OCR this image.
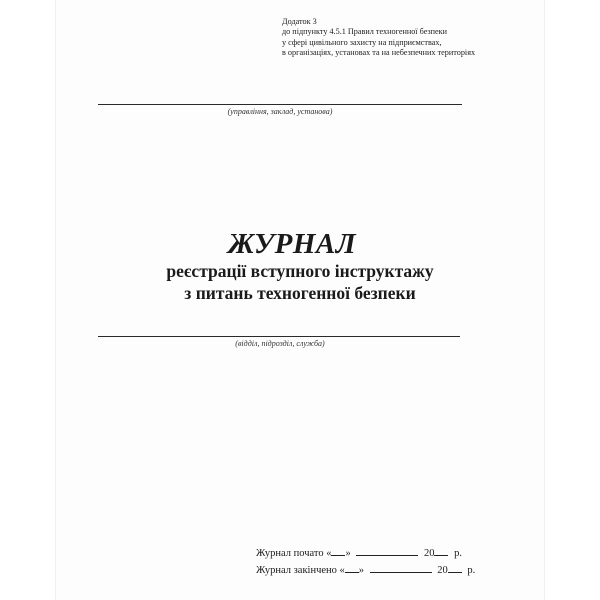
Додаток 3
до підпункту 4.5.1 Правил техногенної безпеки
у сфері цивільного захисту на підприємствах,
в організаціях, установах та на небезпечних територіях
(управління, заклад, установа)
ЖУРНАЛ
реєстрації вступного інструктажу
з питань техногенної безпеки
(відділ, підрозділ, служба)
Журнал почато « »	20 р.
Журнал закінчено « »	20 р.
